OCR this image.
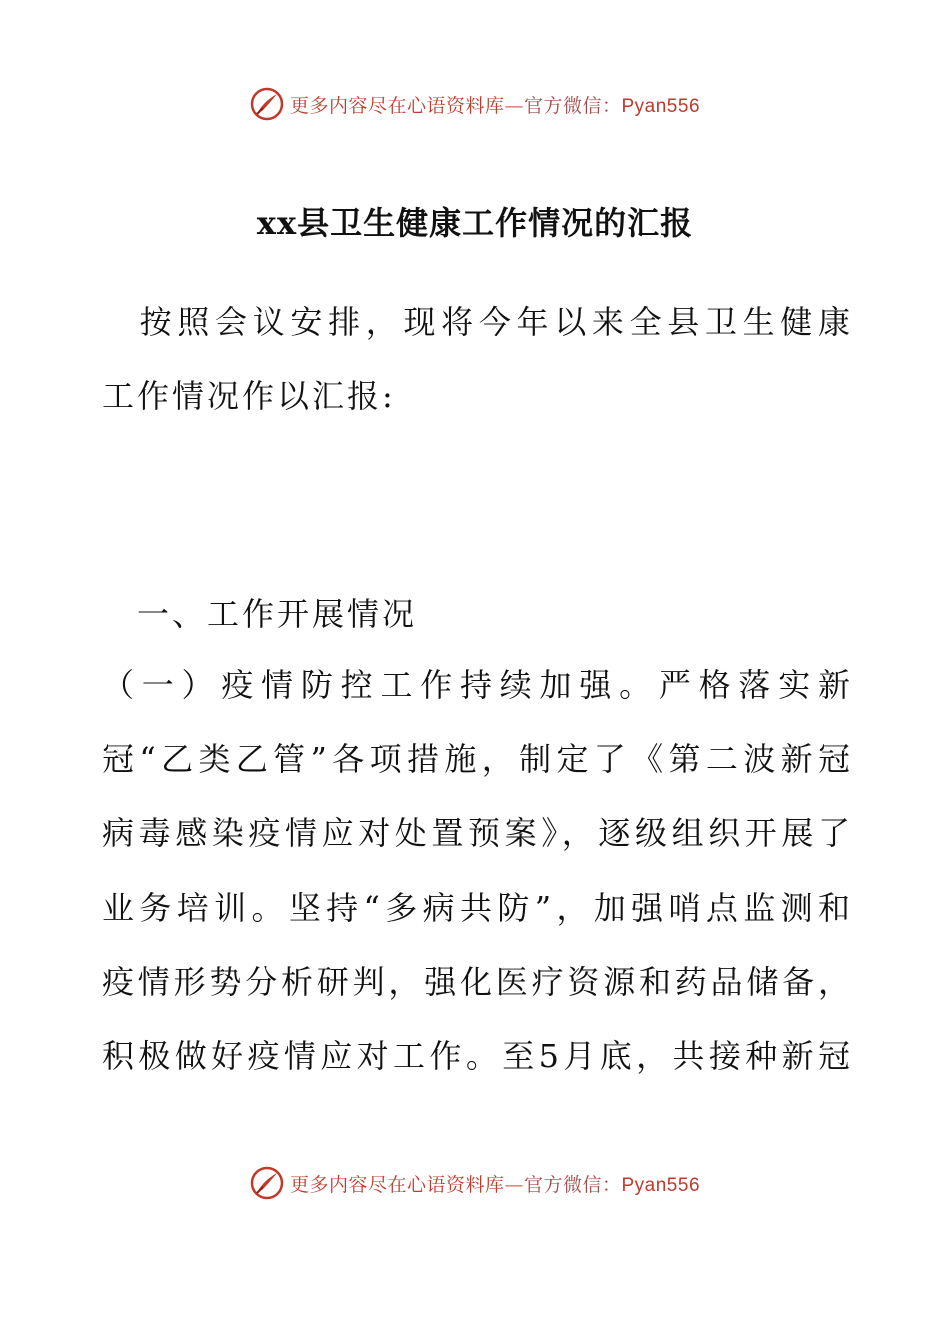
更多内容尽在心语资料库—官方微信：Pyan556
xx县卫生健康工作情况的汇报
　按照会议安排，现将今年以来全县卫生健康
工作情况作以汇报:
　一、工作开展情况
（一）疫情防控工作持续加强。严格落实新
冠“乙类乙管”各项措施，制定了《第二波新冠
病毒感染疫情应对处置预案》，逐级组织开展了
业务培训。坚持“多病共防”，加强哨点监测和
疫情形势分析研判，强化医疗资源和药品储备，
积极做好疫情应对工作。至5月底，共接种新冠
更多内容尽在心语资料库—官方微信：Pyan556
